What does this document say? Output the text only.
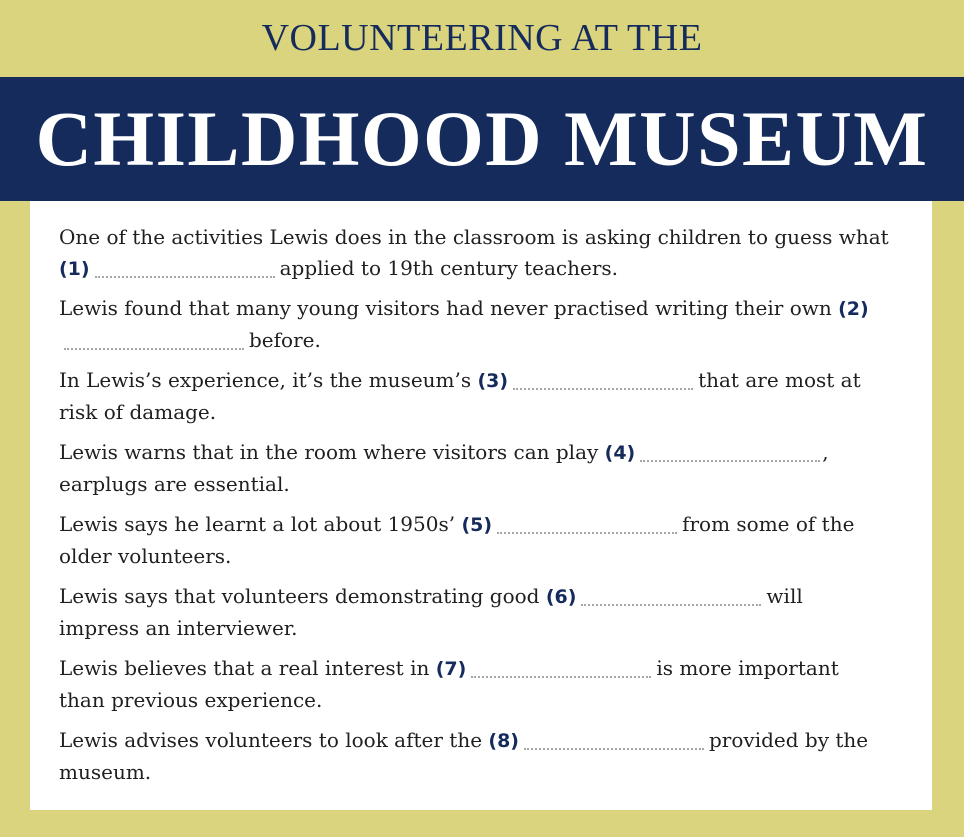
VOLUNTEERING AT THE
CHILDHOOD MUSEUM
One of the activities Lewis does in the classroom is asking children to guess what (1)	applied to 19th century teachers.
Lewis found that many young visitors had never practised writing their own (2)before.
In Lewis’s experience, it’s the museum’s (3)	that are most at risk of damage.
Lewis warns that in the room where visitors can play (4)	, earplugs are essential.
Lewis says he learnt a lot about 1950s’ (5)	from some of the older volunteers.
Lewis says that volunteers demonstrating good (6)	will impress an interviewer.
Lewis believes that a real interest in (7)	is more important than previous experience.
Lewis advises volunteers to look after the (8)	provided by the museum.
